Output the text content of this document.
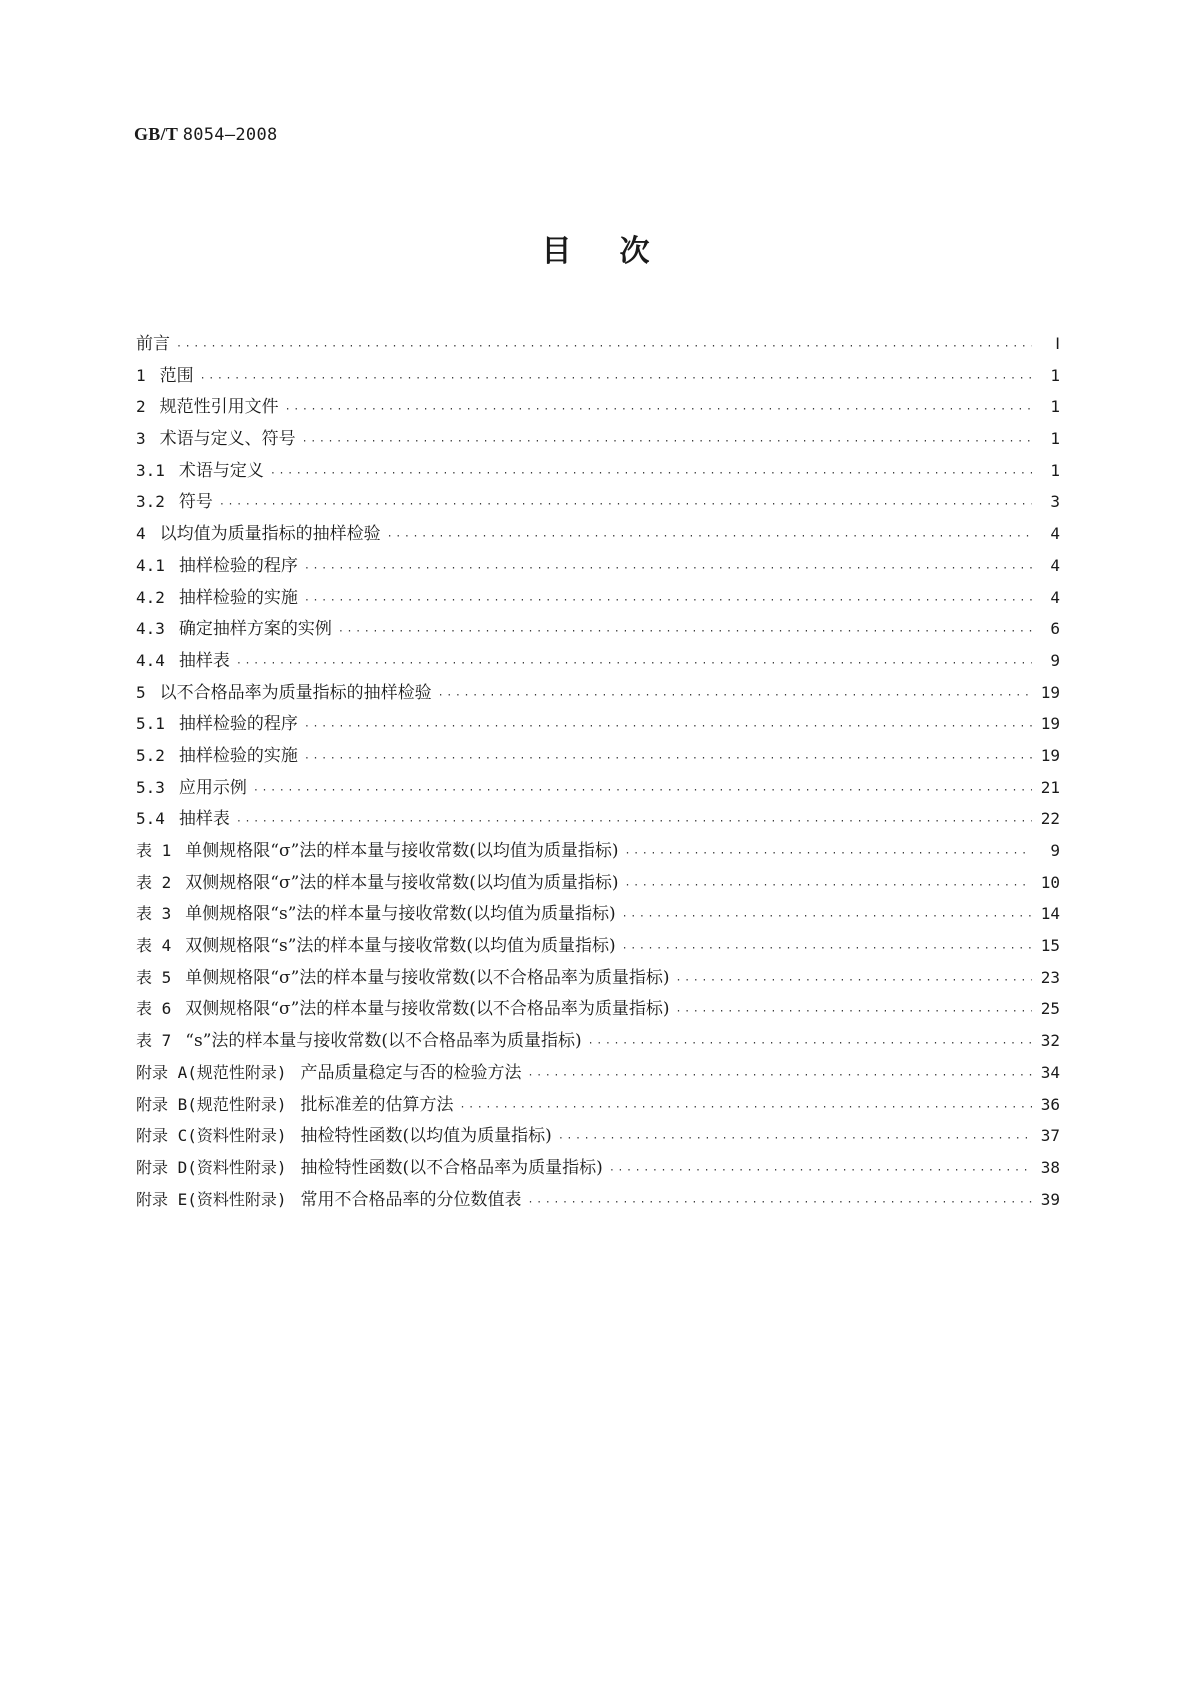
GB/T 8054—2008
目次
前言 ·····	Ⅰ
1 范围 ·····	1
2 规范性引用文件 ·····	1
3 术语与定义、符号 ·····	1
3.1 术语与定义 ·····	1
3.2 符号 ·····	3
4 以均值为质量指标的抽样检验 ·····	4
4.1 抽样检验的程序 ·····	4
4.2 抽样检验的实施 ·····	4
4.3 确定抽样方案的实例 ·····	6
4.4 抽样表 ·····	9
5 以不合格品率为质量指标的抽样检验 ·····	19
5.1 抽样检验的程序 ·····	19
5.2 抽样检验的实施 ·····	19
5.3 应用示例 ·····	21
5.4 抽样表 ·····	22
表 1 单侧规格限“σ”法的样本量与接收常数(以均值为质量指标) ·····	9
表 2 双侧规格限“σ”法的样本量与接收常数(以均值为质量指标) ·····	10
表 3 单侧规格限“s”法的样本量与接收常数(以均值为质量指标) ·····	14
表 4 双侧规格限“s”法的样本量与接收常数(以均值为质量指标) ·····	15
表 5 单侧规格限“σ”法的样本量与接收常数(以不合格品率为质量指标) ·····	23
表 6 双侧规格限“σ”法的样本量与接收常数(以不合格品率为质量指标) ·····	25
表 7 “s”法的样本量与接收常数(以不合格品率为质量指标) ·····	32
附录 A(规范性附录) 产品质量稳定与否的检验方法 ·····	34
附录 B(规范性附录) 批标准差的估算方法 ·····	36
附录 C(资料性附录) 抽检特性函数(以均值为质量指标) ·····	37
附录 D(资料性附录) 抽检特性函数(以不合格品率为质量指标) ·····	38
附录 E(资料性附录) 常用不合格品率的分位数值表 ·····	39
